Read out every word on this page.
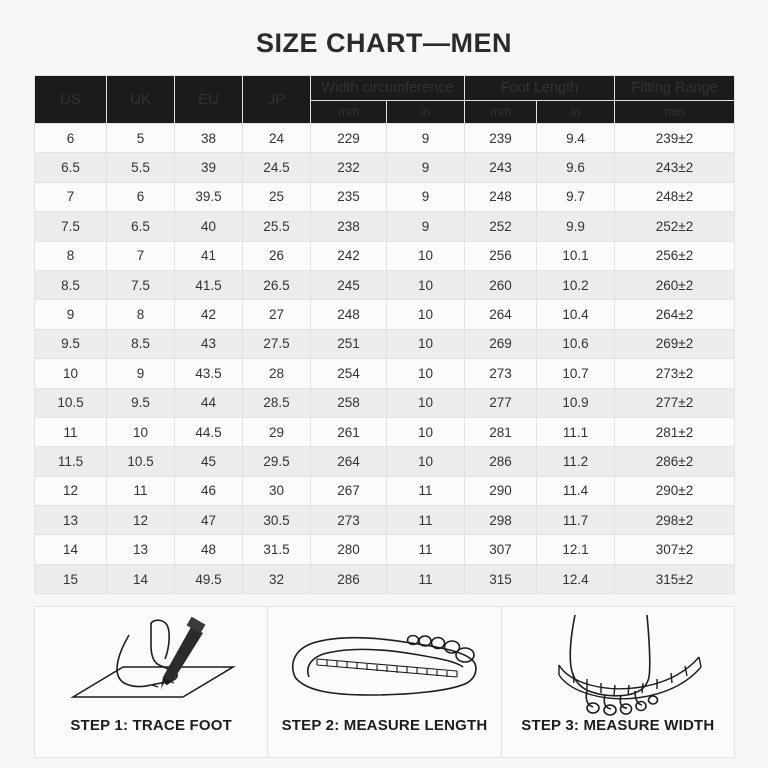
SIZE CHART—MEN
US	UK	EU	JP	Width circumference		Foot Length		Fitting Range
				mm	in	mm	in	mm
6	5	38	24	229	9	239	9.4	239±2
6.5	5.5	39	24.5	232	9	243	9.6	243±2
7	6	39.5	25	235	9	248	9.7	248±2
7.5	6.5	40	25.5	238	9	252	9.9	252±2
8	7	41	26	242	10	256	10.1	256±2
8.5	7.5	41.5	26.5	245	10	260	10.2	260±2
9	8	42	27	248	10	264	10.4	264±2
9.5	8.5	43	27.5	251	10	269	10.6	269±2
10	9	43.5	28	254	10	273	10.7	273±2
10.5	9.5	44	28.5	258	10	277	10.9	277±2
11	10	44.5	29	261	10	281	11.1	281±2
11.5	10.5	45	29.5	264	10	286	11.2	286±2
12	11	46	30	267	11	290	11.4	290±2
13	12	47	30.5	273	11	298	11.7	298±2
14	13	48	31.5	280	11	307	12.1	307±2
15	14	49.5	32	286	11	315	12.4	315±2
STEP 1: TRACE FOOT	STEP 2: MEASURE LENGTH STEP 3: MEASURE WIDTH
